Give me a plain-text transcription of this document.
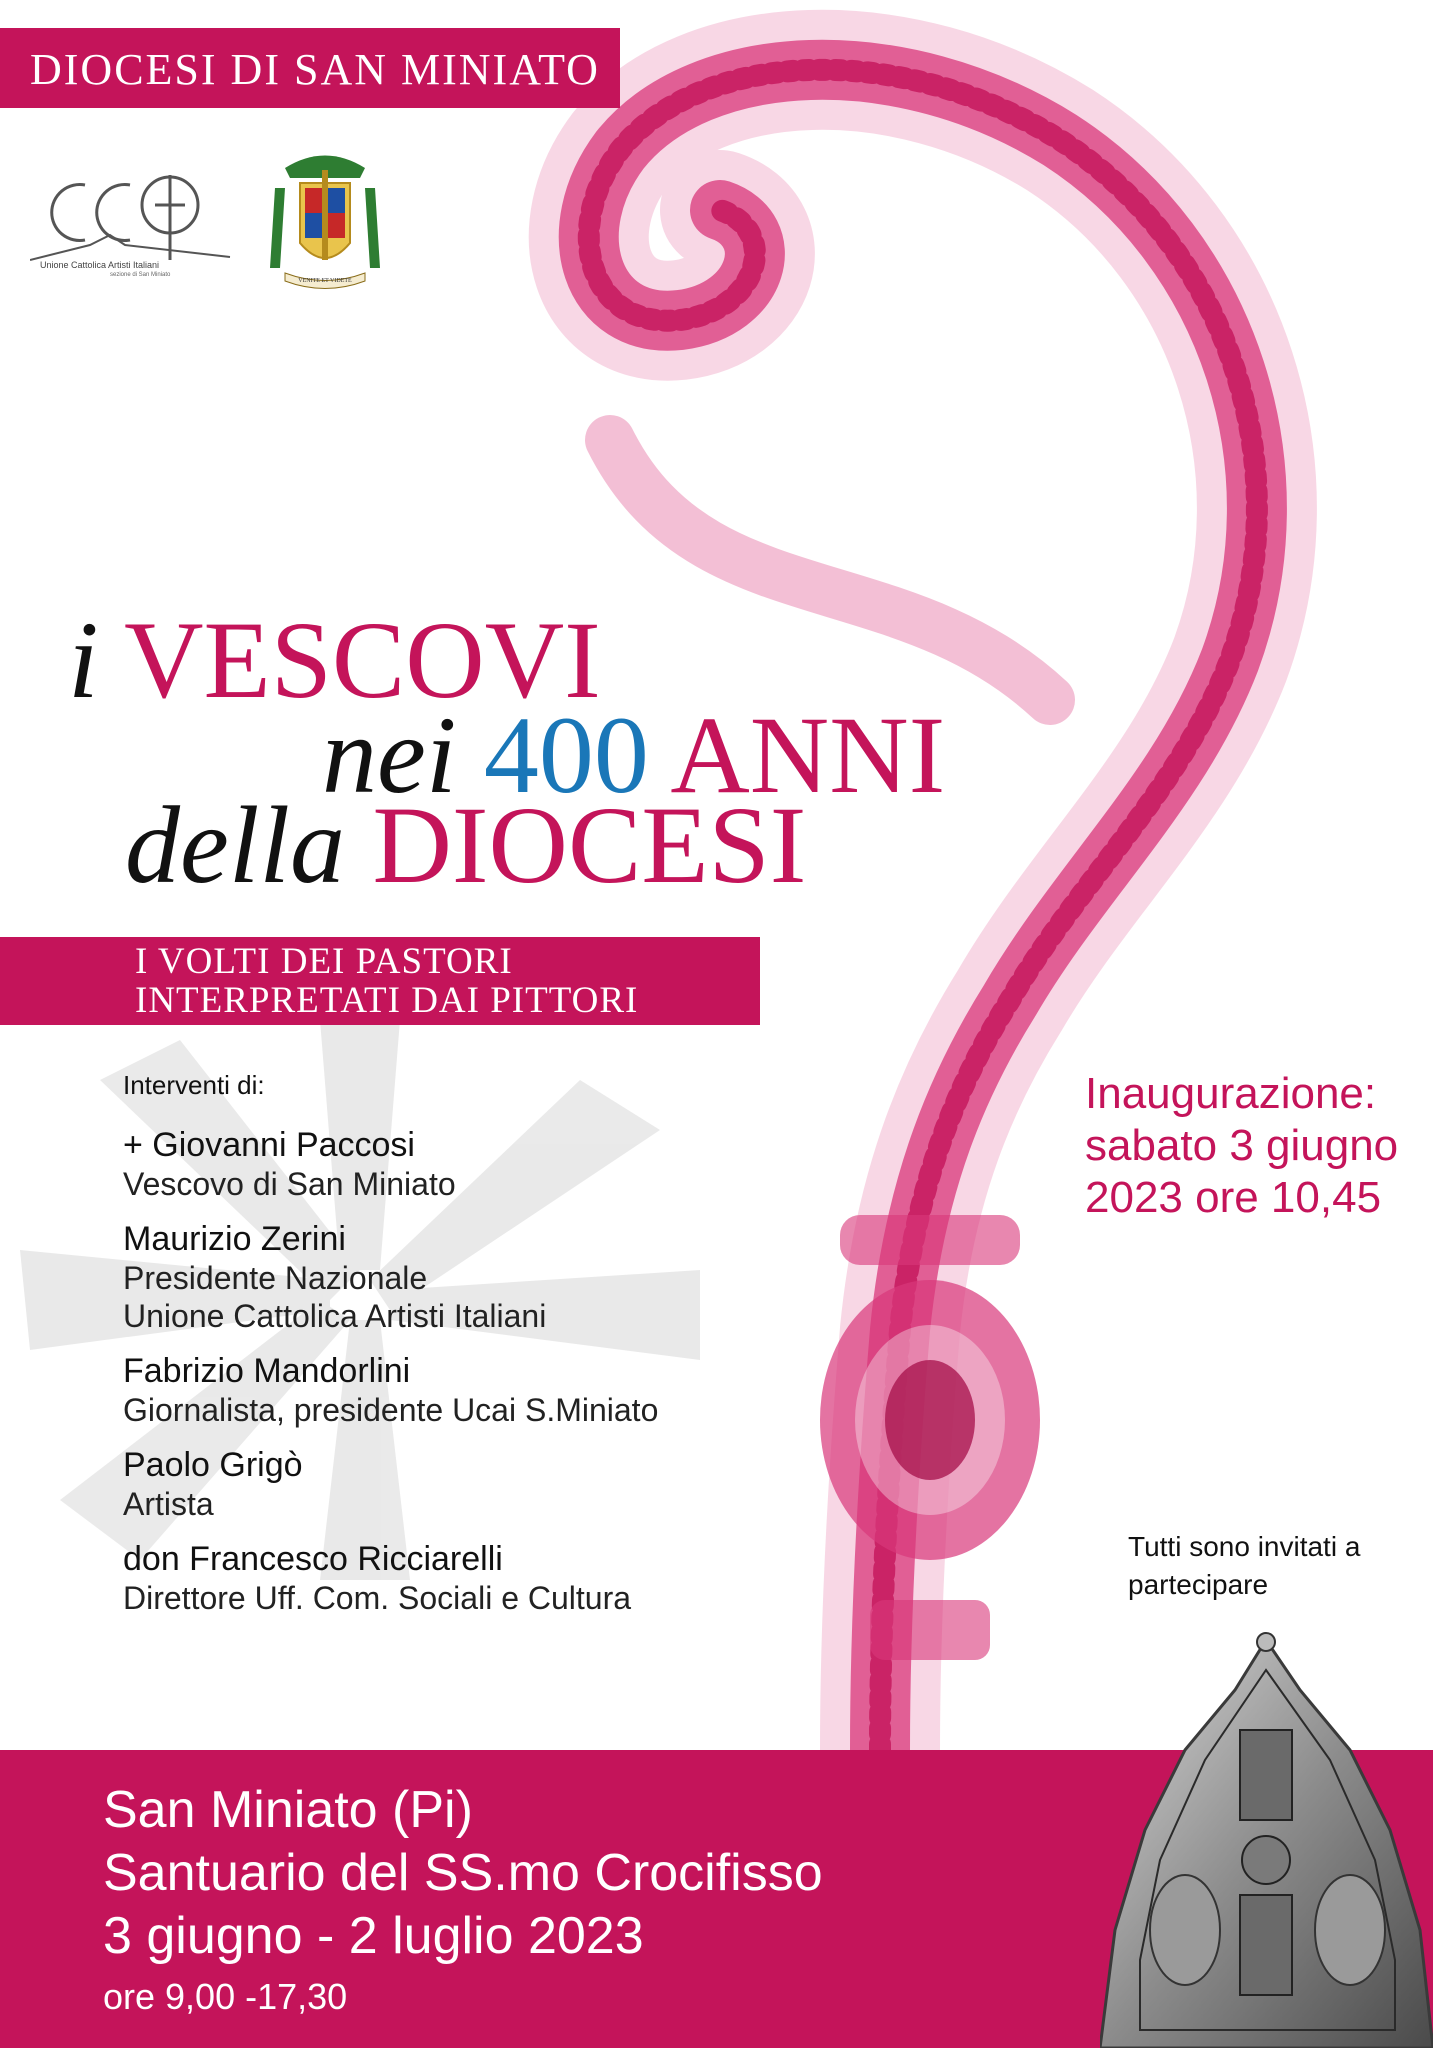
DIOCESI DI SAN MINIATO
Unione Cattolica Artisti Italiani
sezione di San Miniato
VENITE ET VIDETE
i VESCOVI
nei 400 ANNI
della DIOCESI
I VOLTI DEI PASTORI
INTERPRETATI DAI PITTORI
Interventi di:
+ Giovanni Paccosi
Vescovo di San Miniato
Maurizio Zerini
Presidente Nazionale
Unione Cattolica Artisti Italiani
Fabrizio Mandorlini
Giornalista, presidente Ucai S.Miniato
Paolo Grigò
Artista
don Francesco Ricciarelli
Direttore Uff. Com. Sociali e Cultura
Inaugurazione:
sabato 3 giugno
2023 ore 10,45
Tutti sono invitati a
partecipare
San Miniato (Pi)
Santuario del SS.mo Crocifisso
3 giugno - 2 luglio 2023
ore 9,00 -17,30
